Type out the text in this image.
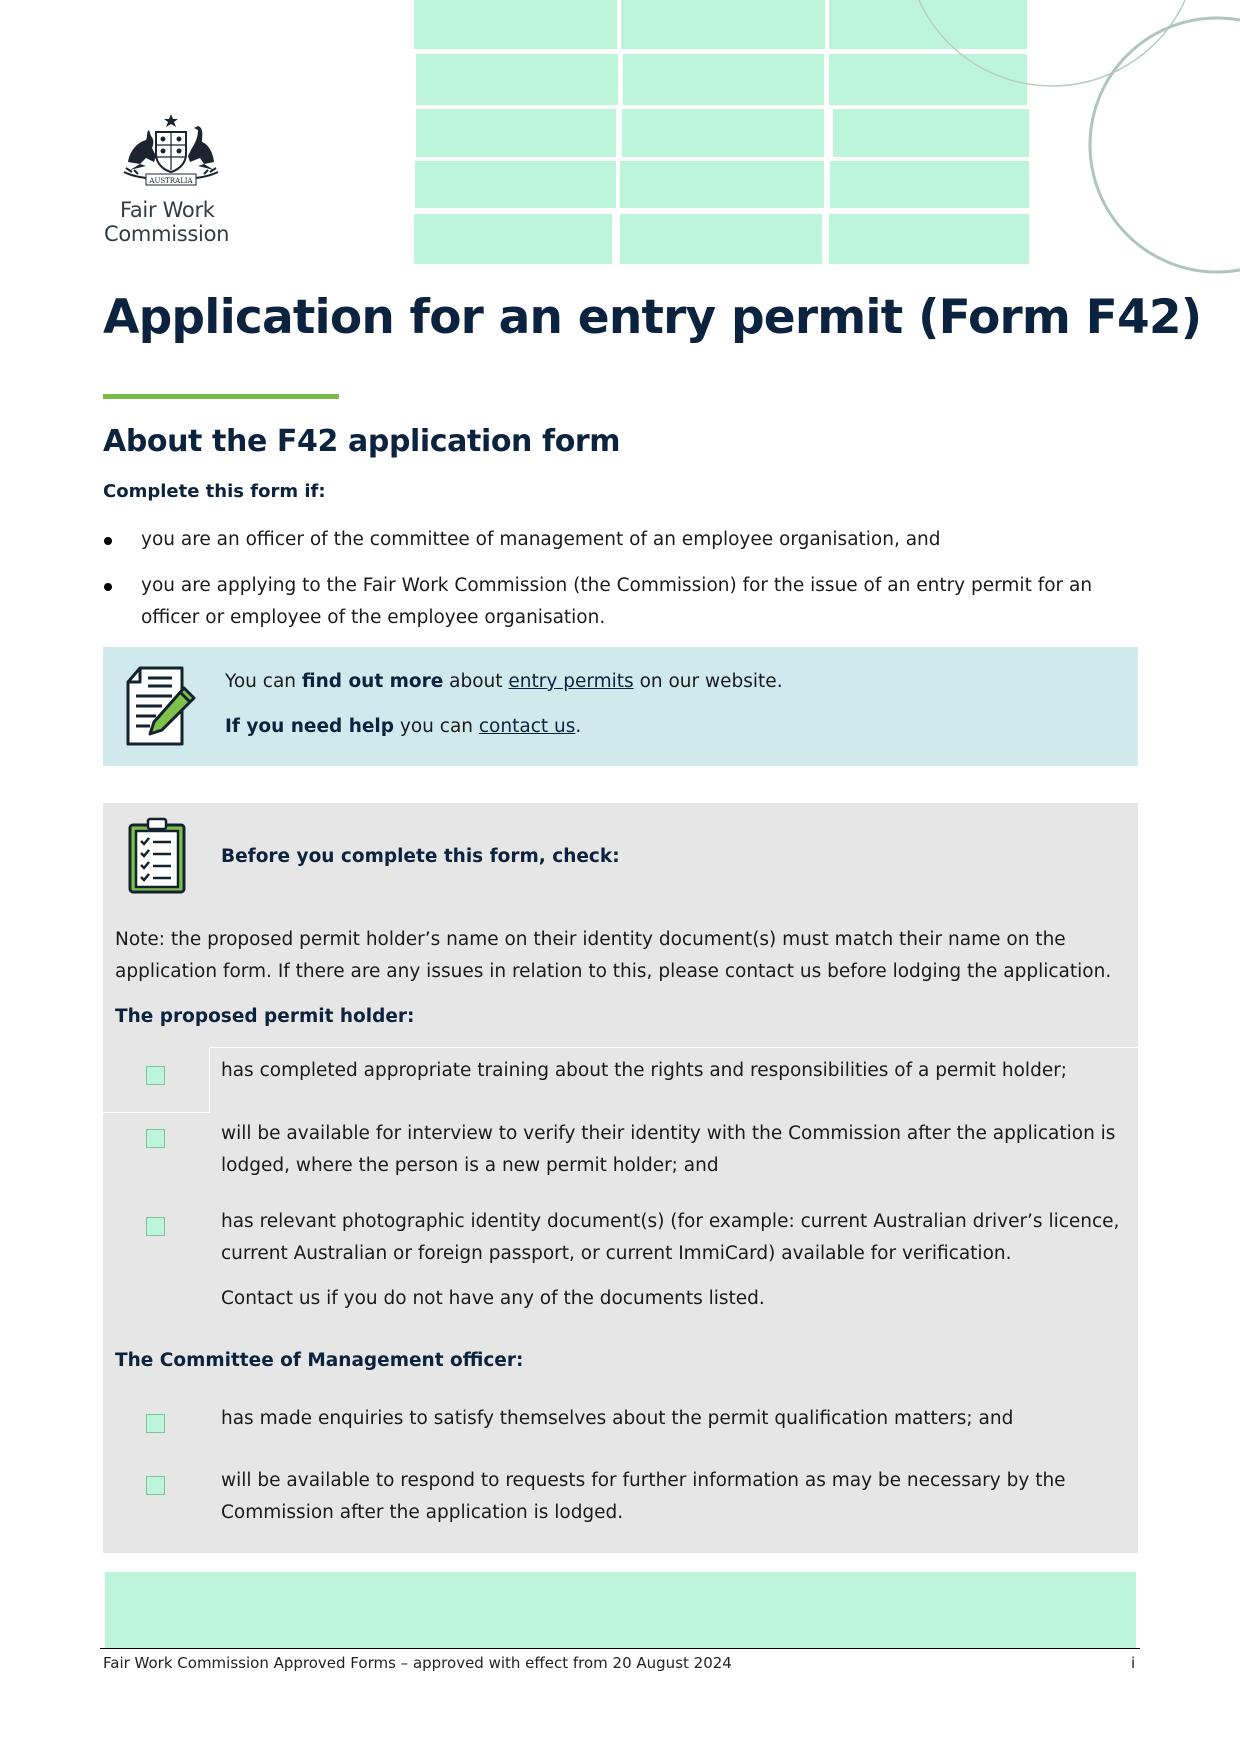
AUSTRALIA
Fair Work
Commission
Application for an entry permit (Form F42)
About the F42 application form
Complete this form if:
you are an officer of the committee of management of an employee organisation, and
you are applying to the Fair Work Commission (the Commission) for the issue of an entry permit for an officer or employee of the employee organisation.
You can find out more about entry permits on our website.
If you need help you can contact us.
Before you complete this form, check:
Note: the proposed permit holder’s name on their identity document(s) must match their name on the application form. If there are any issues in relation to this, please contact us before lodging the application.
The proposed permit holder:
has completed appropriate training about the rights and responsibilities of a permit holder;
will be available for interview to verify their identity with the Commission after the application is lodged, where the person is a new permit holder; and
has relevant photographic identity document(s) (for example: current Australian driver’s licence, current Australian or foreign passport, or current ImmiCard) available for verification.
Contact us if you do not have any of the documents listed.
The Committee of Management officer:
has made enquiries to satisfy themselves about the permit qualification matters; and
will be available to respond to requests for further information as may be necessary by the Commission after the application is lodged.
Fair Work Commission Approved Forms – approved with effect from 20 August 2024	i
